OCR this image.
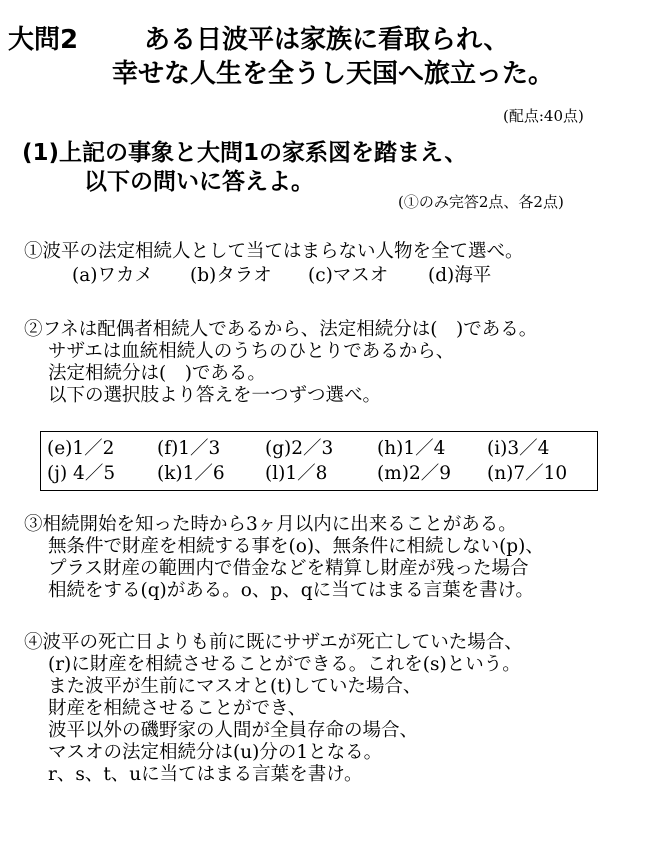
大問2	ある日波平は家族に看取られ、
幸せな人生を全うし天国へ旅立った。
(配点:40点)
(1)上記の事象と大問1の家系図を踏まえ、
以下の問いに答えよ。
(①のみ完答2点、各2点)
①波平の法定相続人として当てはまらない人物を全て選べ。
(a)ワカメ (b)タラオ (c)マスオ (d)海平
②フネは配偶者相続人であるから、法定相続分は(　)である。
サザエは血統相続人のうちのひとりであるから、
法定相続分は(　)である。
以下の選択肢より答えを一つずつ選べ。
(e)1／2 (f)1／3 (g)2／3 (h)1／4 (i)3／4
(j) 4／5 (k)1／6 (l)1／8	(m)2／9 (n)7／10
③相続開始を知った時から3ヶ月以内に出来ることがある。
無条件で財産を相続する事を(o)、無条件に相続しない(p)、
プラス財産の範囲内で借金などを精算し財産が残った場合
相続をする(q)がある。o、p、qに当てはまる言葉を書け。
④波平の死亡日よりも前に既にサザエが死亡していた場合、
(r)に財産を相続させることができる。これを(s)という。
また波平が生前にマスオと(t)していた場合、
財産を相続させることができ、
波平以外の磯野家の人間が全員存命の場合、
マスオの法定相続分は(u)分の1となる。
r、s、t、uに当てはまる言葉を書け。
